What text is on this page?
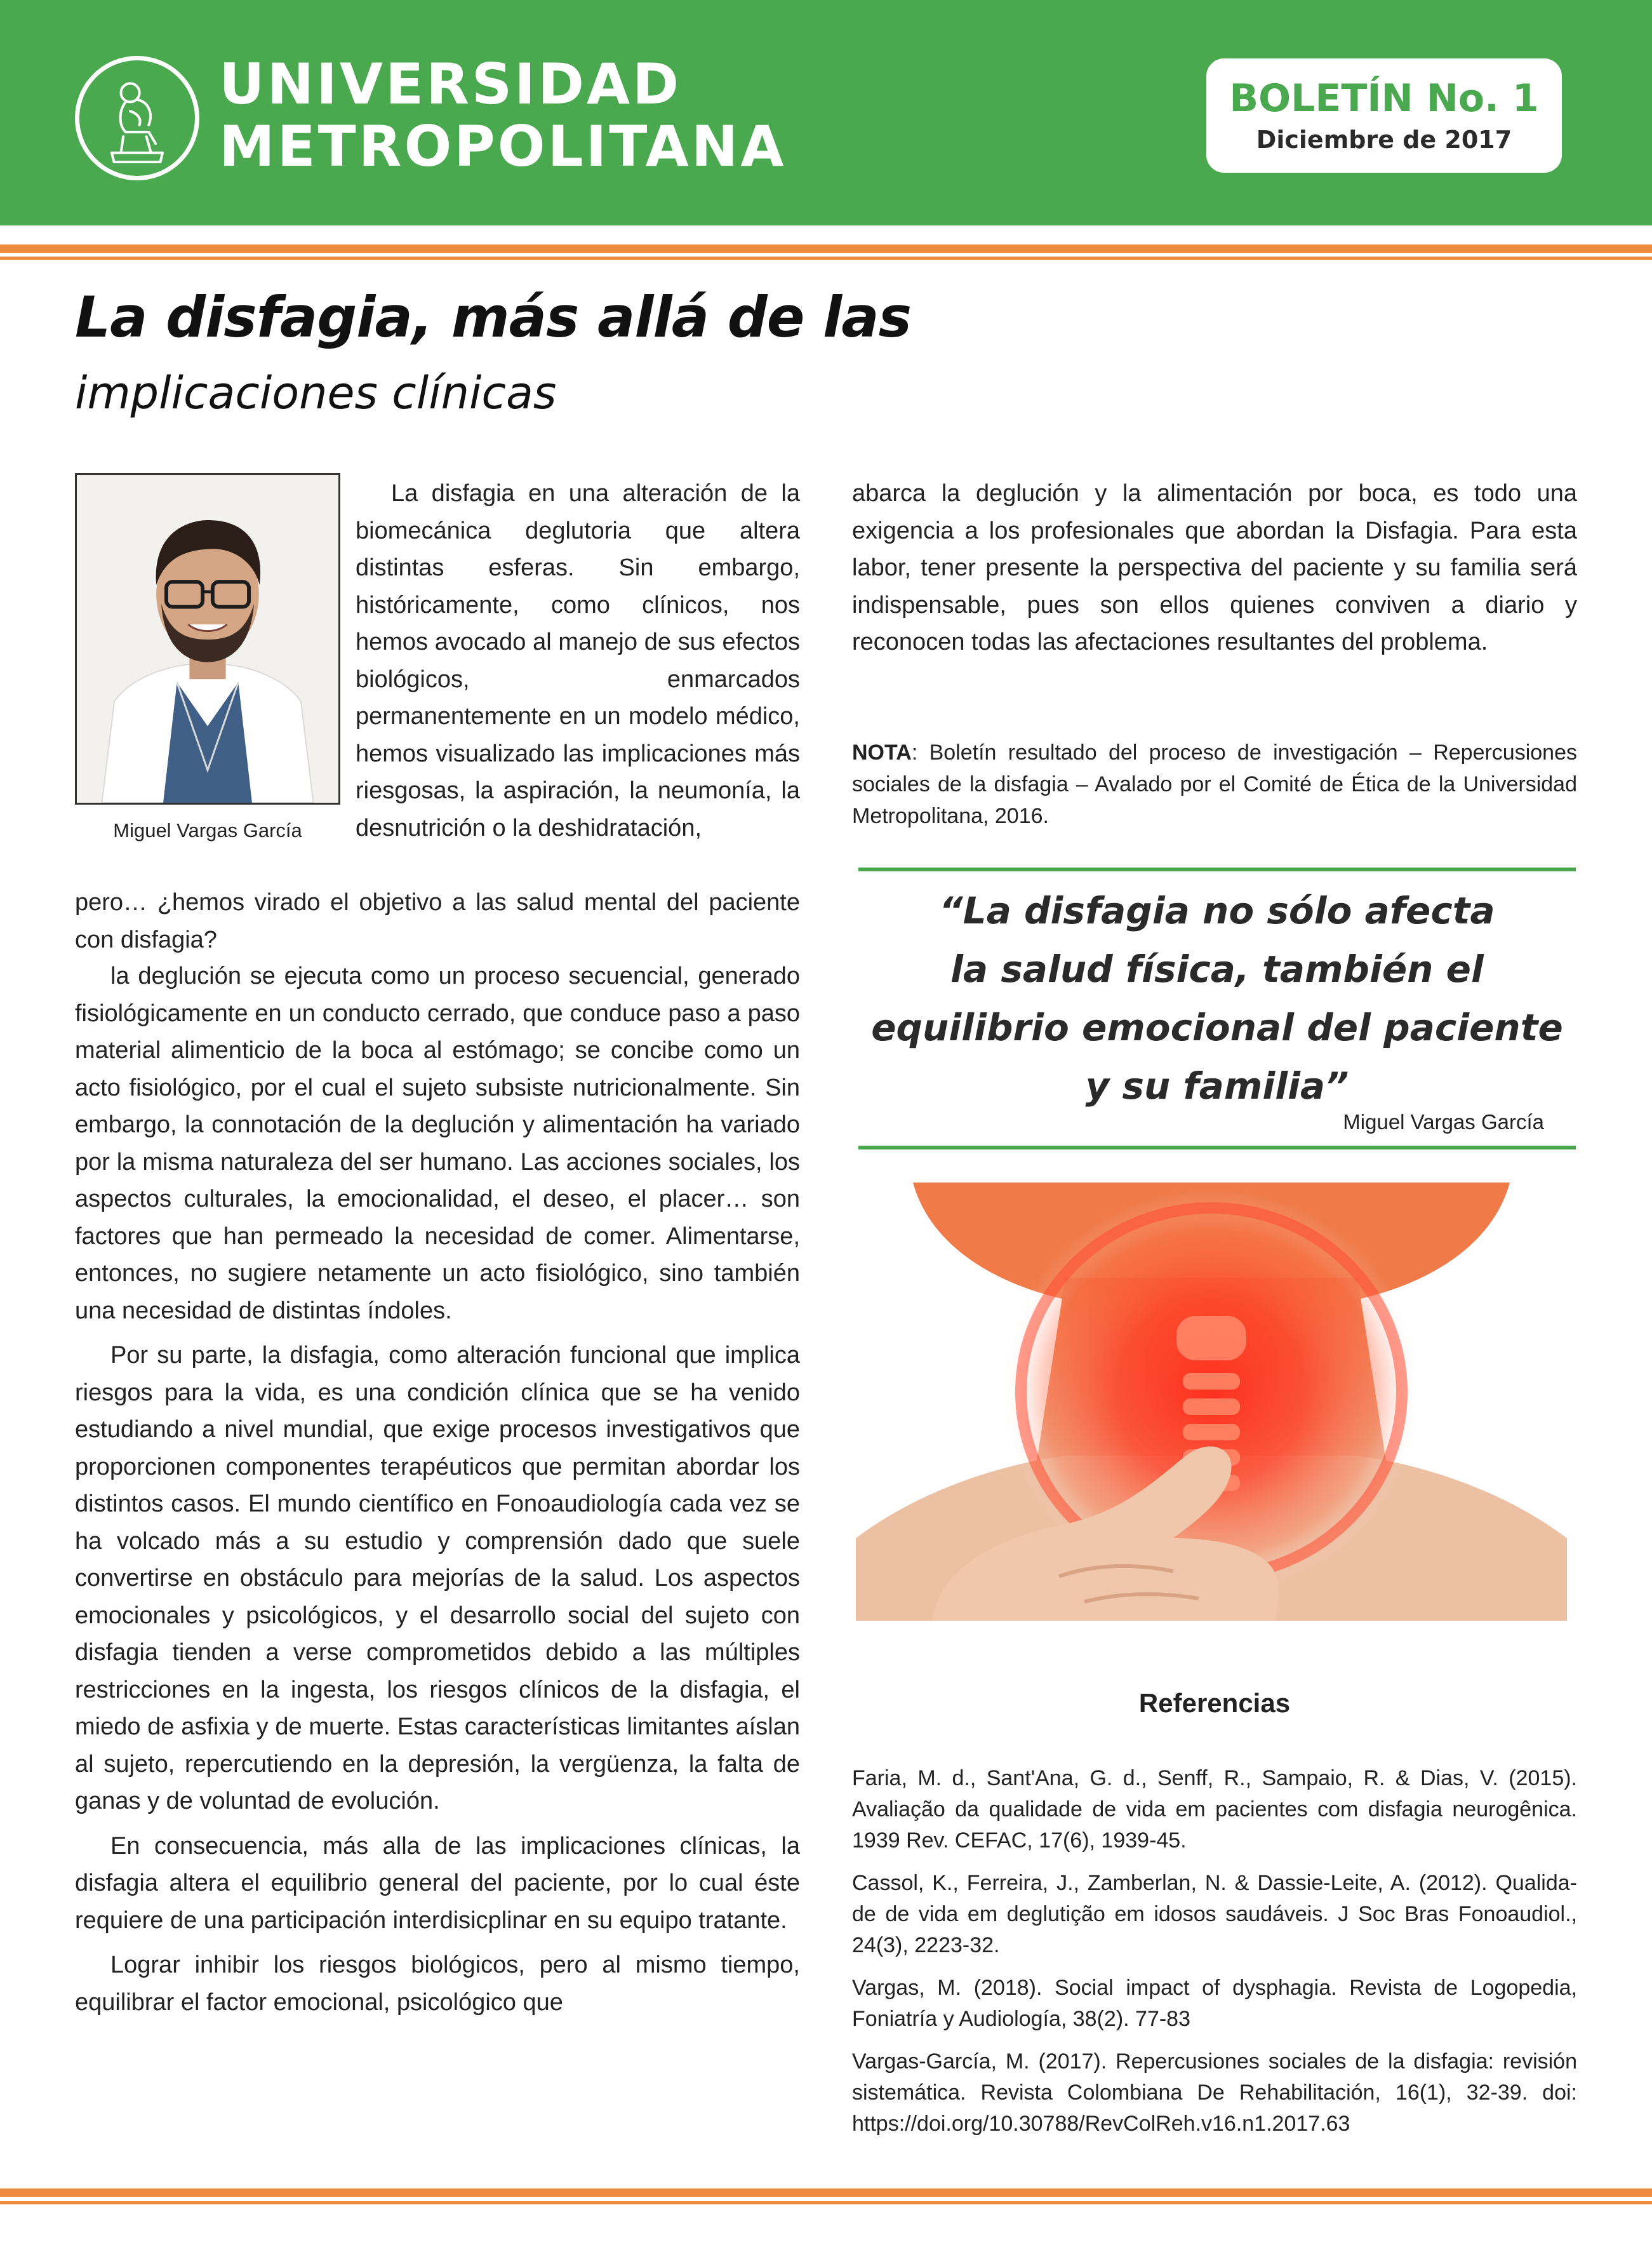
UNIVERSIDAD
METROPOLITANA
BOLETÍN No. 1
Diciembre de 2017
La disfagia, más allá de las
implicaciones clínicas
Miguel Vargas García

La disfagia en una alteración de la biomecánica deglutoria que altera distintas esferas. Sin embargo, históricamente, como clínicos, nos hemos avocado al manejo de sus efectos biológicos, enmarcados permanentemente en un modelo médico, hemos visualizado las implicaciones más riesgosas, la aspiración, la neumonía, la desnutrición o la deshidratación,

pero… ¿hemos virado el objetivo a las salud mental del paciente con disfagia?

la deglución se ejecuta como un proceso secuencial, generado fisiológicamente en un conducto cerrado, que conduce paso a paso material alimenticio de la boca al estómago; se concibe como un acto fisiológico, por el cual el sujeto subsiste nutricionalmente. Sin embargo, la connotación de la deglución y alimentación ha variado por la misma naturaleza del ser humano. Las acciones sociales, los aspectos culturales, la emocionalidad, el deseo, el placer… son factores que han permeado la necesidad de comer. Alimentarse, entonces, no sugiere netamente un acto fisiológico, sino también una necesidad de distintas índoles.

Por su parte, la disfagia, como alteración funcional que implica riesgos para la vida, es una condición clínica que se ha venido estudiando a nivel mundial, que exige procesos investigativos que proporcionen componentes terapéuticos que permitan abordar los distintos casos. El mundo científico en Fonoaudiología cada vez se ha volcado más a su estudio y comprensión dado que suele convertirse en obstáculo para mejorías de la salud. Los aspectos emocionales y psicológicos, y el desarrollo social del sujeto con disfagia tienden a verse comprometidos debido a las múltiples restricciones en la ingesta, los riesgos clínicos de la disfagia, el miedo de asfixia y de muerte. Estas características limitantes aíslan al sujeto, repercutiendo en la depresión, la vergüenza, la falta de ganas y de voluntad de evolución.

En consecuencia, más alla de las implicaciones clínicas, la disfagia altera el equilibrio general del paciente, por lo cual éste requiere de una participación interdisicplinar en su equipo tratante.

Lograr inhibir los riesgos biológicos, pero al mismo tiempo, equilibrar el factor emocional, psicológico que

abarca la deglución y la alimentación por boca, es todo una exigencia a los profesionales que abordan la Disfagia. Para esta labor, tener presente la perspectiva del paciente y su familia será indispensable, pues son ellos quienes conviven a diario y reconocen todas las afectaciones resultantes del problema.

NOTA: Boletín resultado del proceso de investigación – Repercusiones sociales de la disfagia – Avalado por el Comité de Ética de la Universidad Metropolitana, 2016.

“La disfagia no sólo afecta
la salud física, también el
equilibrio emocional del paciente
y su familia”
Miguel Vargas García
Referencias

Faria, M. d., Sant'Ana, G. d., Senff, R., Sampaio, R. & Dias, V. (2015). Avaliação da qualidade de vida em pacientes com disfagia neurogênica. 1939 Rev. CEFAC, 17(6), 1939-45.

Cassol, K., Ferreira, J., Zamberlan, N. & Dassie-Leite, A. (2012). Qualida-de de vida em deglutição em idosos saudáveis. J Soc Bras Fonoaudiol., 24(3), 2223-32.

Vargas, M. (2018). Social impact of dysphagia. Revista de Logopedia, Foniatría y Audiología, 38(2). 77-83

Vargas-García, M. (2017). Repercusiones sociales de la disfagia: revisión sistemática. Revista Colombiana De Rehabilitación, 16(1), 32-39. doi: https://doi.org/10.30788/RevColReh.v16.n1.2017.63
